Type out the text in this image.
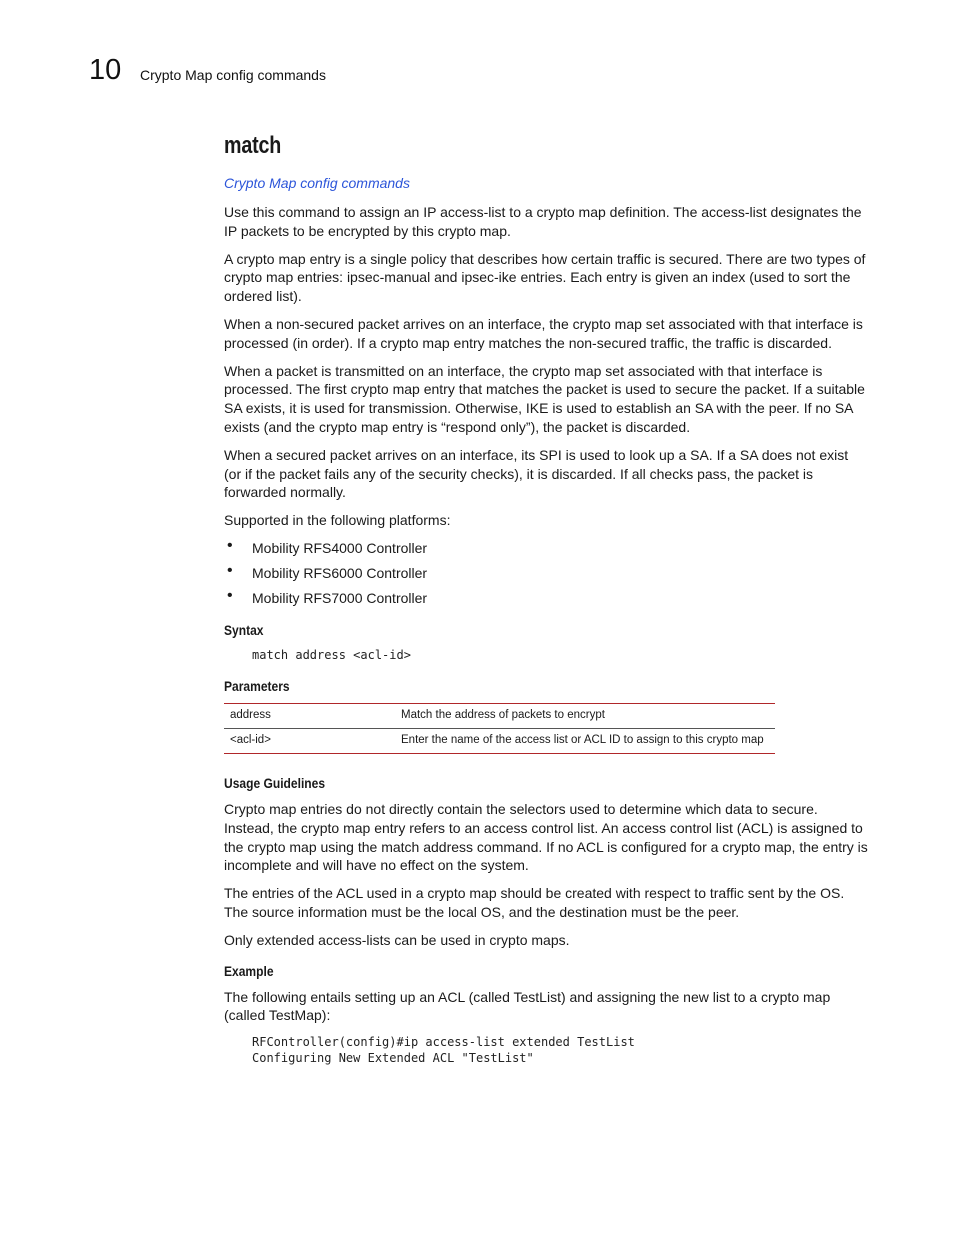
10 Crypto Map config commands
match
Crypto Map config commands

Use this command to assign an IP access-list to a crypto map definition. The access-list designates the IP packets to be encrypted by this crypto map.

A crypto map entry is a single policy that describes how certain traffic is secured. There are two types of crypto map entries: ipsec-manual and ipsec-ike entries. Each entry is given an index (used to sort the ordered list).

When a non-secured packet arrives on an interface, the crypto map set associated with that interface is processed (in order). If a crypto map entry matches the non-secured traffic, the traffic is discarded.

When a packet is transmitted on an interface, the crypto map set associated with that interface is processed. The first crypto map entry that matches the packet is used to secure the packet. If a suitable SA exists, it is used for transmission. Otherwise, IKE is used to establish an SA with the peer. If no SA exists (and the crypto map entry is “respond only”), the packet is discarded.

When a secured packet arrives on an interface, its SPI is used to look up a SA. If a SA does not exist (or if the packet fails any of the security checks), it is discarded. If all checks pass, the packet is forwarded normally.

Supported in the following platforms:

• Mobility RFS4000 Controller
• Mobility RFS6000 Controller
• Mobility RFS7000 Controller
Syntax
match address <acl-id>
Parameters
address	Match the address of packets to encrypt
<acl-id>	Enter the name of the access list or ACL ID to assign to this crypto map
Usage Guidelines

Crypto map entries do not directly contain the selectors used to determine which data to secure. Instead, the crypto map entry refers to an access control list. An access control list (ACL) is assigned to the crypto map using the match address command. If no ACL is configured for a crypto map, the entry is incomplete and will have no effect on the system.

The entries of the ACL used in a crypto map should be created with respect to traffic sent by the OS. The source information must be the local OS, and the destination must be the peer.

Only extended access-lists can be used in crypto maps.

Example

The following entails setting up an ACL (called TestList) and assigning the new list to a crypto map (called TestMap):

RFController(config)#ip access-list extended TestList
Configuring New Extended ACL "TestList"
